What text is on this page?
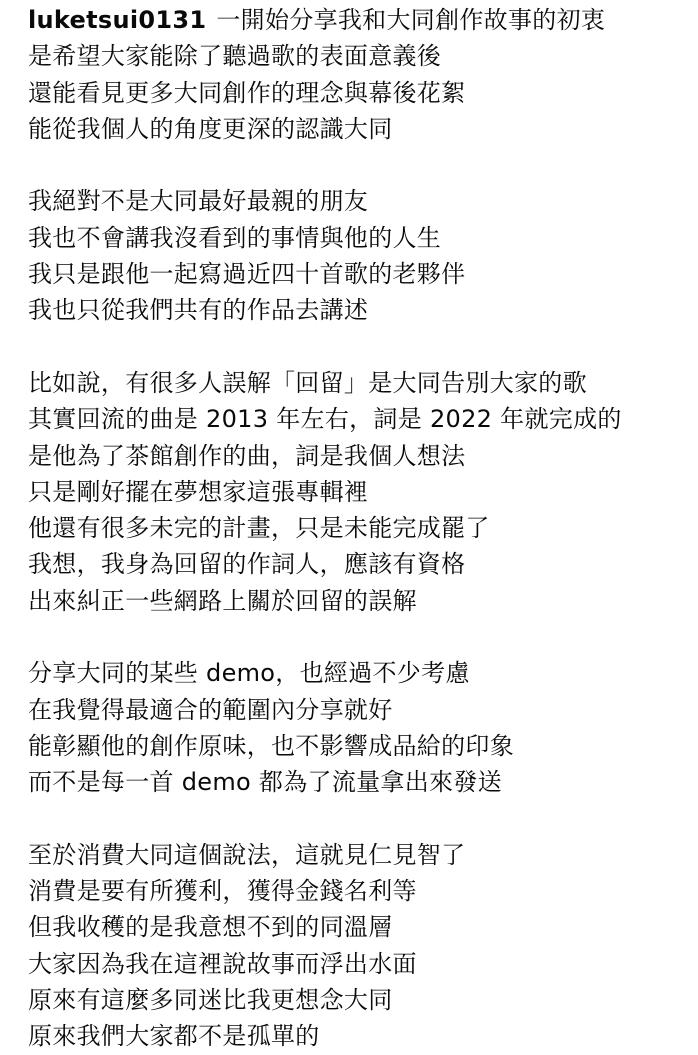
luketsui0131 一開始分享我和大同創作故事的初衷
是希望大家能除了聽過歌的表面意義後
還能看見更多大同創作的理念與幕後花絮
能從我個人的角度更深的認識大同
我絕對不是大同最好最親的朋友
我也不會講我沒看到的事情與他的人生
我只是跟他一起寫過近四十首歌的老夥伴
我也只從我們共有的作品去講述
比如說，有很多人誤解「回留」是大同告別大家的歌
其實回流的曲是 2013 年左右，詞是 2022 年就完成的
是他為了茶館創作的曲，詞是我個人想法
只是剛好擺在夢想家這張專輯裡
他還有很多未完的計畫，只是未能完成罷了
我想，我身為回留的作詞人，應該有資格
出來糾正一些網路上關於回留的誤解
分享大同的某些 demo，也經過不少考慮
在我覺得最適合的範圍內分享就好
能彰顯他的創作原味，也不影響成品給的印象
而不是每一首 demo 都為了流量拿出來發送
至於消費大同這個說法，這就見仁見智了
消費是要有所獲利，獲得金錢名利等
但我收穫的是我意想不到的同溫層
大家因為我在這裡說故事而浮出水面
原來有這麼多同迷比我更想念大同
原來我們大家都不是孤單的
